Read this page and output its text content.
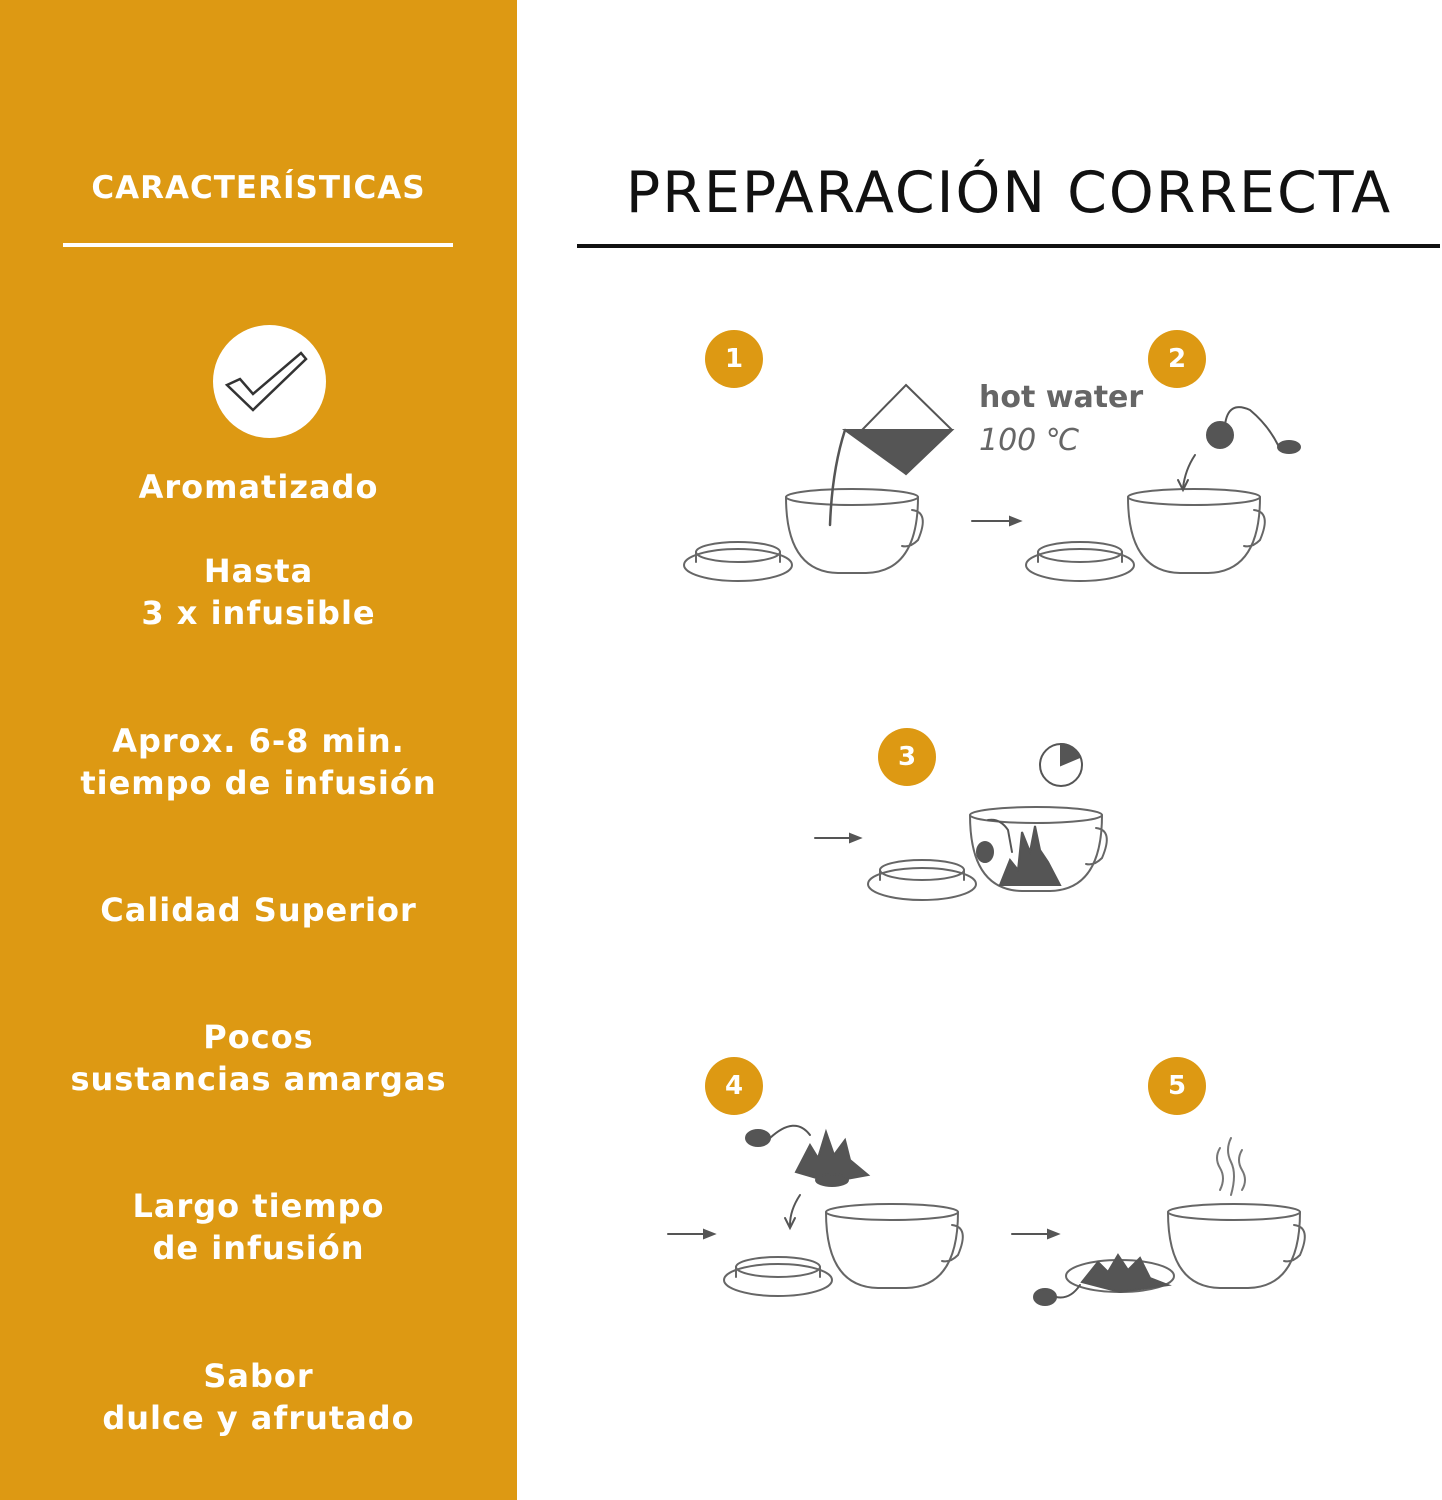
CARACTERÍSTICAS
Aromatizado
Hasta
3 x infusible
Aprox. 6-8 min.
tiempo de infusión
Calidad Superior
Pocos
sustancias amargas
Largo tiempo
de infusión
Sabor
dulce y afrutado
PREPARACIÓN CORRECTA
1	2
3
4	5
hot water
100 ℃
